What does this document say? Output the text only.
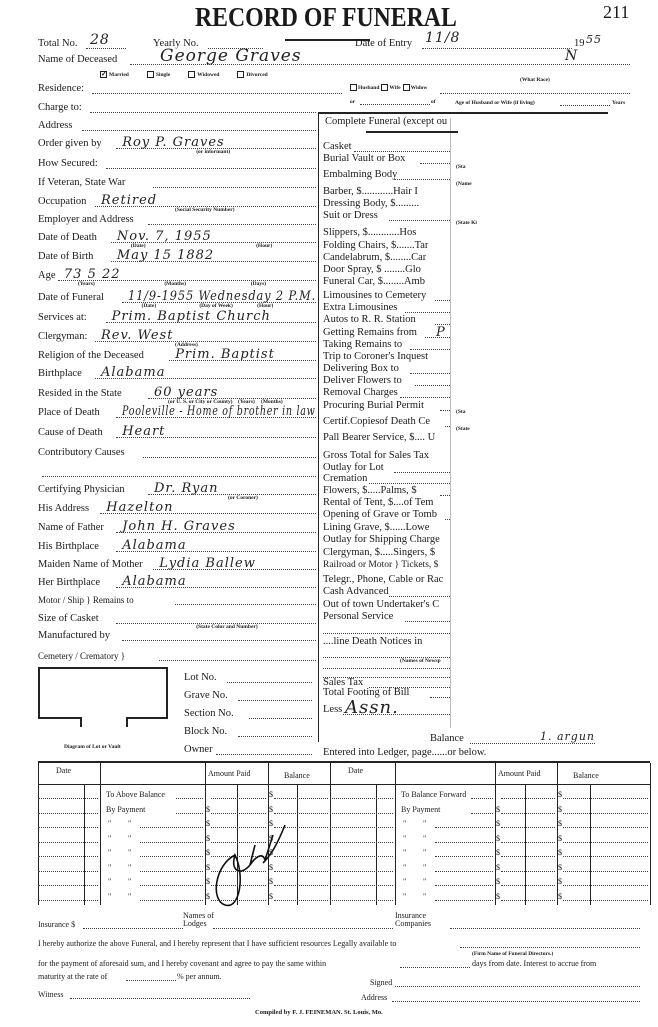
RECORD OF FUNERAL	211
Total No. 28	Yearly No.	Date of Entry 11/8	19 55
Name of Deceased	George Graves	N
(What Race)
✓ Married	Single	Widowed	Divorced
Residence:	Husband Wife Widow
or	of	Age of Husband or Wife (if living)	Years
Charge to:
Address	Complete Funeral (except ou
Balance	1. argun
Entered into Ledger, page......or below.
Diagram of Lot or Vault
Date	Amount Paid	Balance
To Above Balance	$
By Payment	$	$
" "	$	$
" "	$	$
" "	$	$
" "	$	$
" "	$	$
" "	$	$
Date	Amount Paid	Balance
To Balance Forward	$
By Payment	$	$
" "	$	$
" "	$	$
" "	$	$
" "	$	$
" "	$	$
" "	$	$
Insurance $
Names of Lodges
Insurance Companies
I hereby authorize the above Funeral, and I hereby represent that I have sufficient resources Legally available to
(Firm Name of Funeral Directors.)
for the payment of aforesaid sum, and I hereby covenant and agree to pay the same within	days from date. Interest to accrue from
maturity at the rate of	% per annum.
Signed
Witness	Address
Compiled by F. J. FEINEMAN. St. Louis, Mo.
Order given by Roy P. Graves
(or informant)
How Secured:
If Veteran, State War
Occupation Retired
(Social Security Number)
Employer and Address
Date of Death Nov. 7, 1955
(Date)	(Hour)
Date of Birth May 15 1882
Age 73 5 22
(Years)	(Months)	(Days)
Date of Funeral 11/9-1955 Wednesday 2 P.M.
(Date)	(Day of Week)	(Hour)
Services at: Prim. Baptist Church
Clergyman: Rev. West
(Address)
Religion of the Deceased Prim. Baptist
Birthplace Alabama
Resided in the State 60 years
(or U. S. or City or County) (Years) (Months)
Place of Death Pooleville - Home of brother in law
Cause of Death Heart
Contributory Causes
Certifying Physician Dr. Ryan
(or Coroner)
His Address Hazelton
Name of Father John H. Graves
His Birthplace Alabama
Maiden Name of Mother Lydia Ballew
Her Birthplace Alabama
Motor / Ship } Remains to
Size of Casket
(State Color and Number)
Manufactured by
Cemetery / Crematory }
Lot No.
Grave No.
Section No.
Block No.
Owner
Casket
Burial Vault or Box
Embalming Body
Barber, $............Hair I
Dressing Body, $.........
Suit or Dress
Slippers, $............Hos
Folding Chairs, $.......Tar
Candelabrum, $........Car
Door Spray, $ ........Glo
Funeral Car, $........Amb
Limousines to Cemetery
Extra Limousines
Autos to R. R. Station
Getting Remains from P
Taking Remains to
Trip to Coroner's Inquest
Delivering Box to
Deliver Flowers to
Removal Charges
Procuring Burial Permit
Certif.Copiesof Death Ce
Pall Bearer Service, $.... U
Gross Total for Sales Tax
Outlay for Lot
Cremation
Flowers, $.....Palms, $
Rental of Tent, $....of Tem
Opening of Grave or Tomb
Lining Grave, $......Lowe
Outlay for Shipping Charge
Clergyman, $.....Singers, $
Railroad or Motor } Tickets, $
Telegr., Phone, Cable or Rac
Cash Advanced
Out of town Undertaker's C
Personal Service
....line Death Notices in
(Names of Newsp
Sales Tax
Total Footing of Bill
Less Assn.
(Sta
(Name
(State Ki
(Sta
(State
